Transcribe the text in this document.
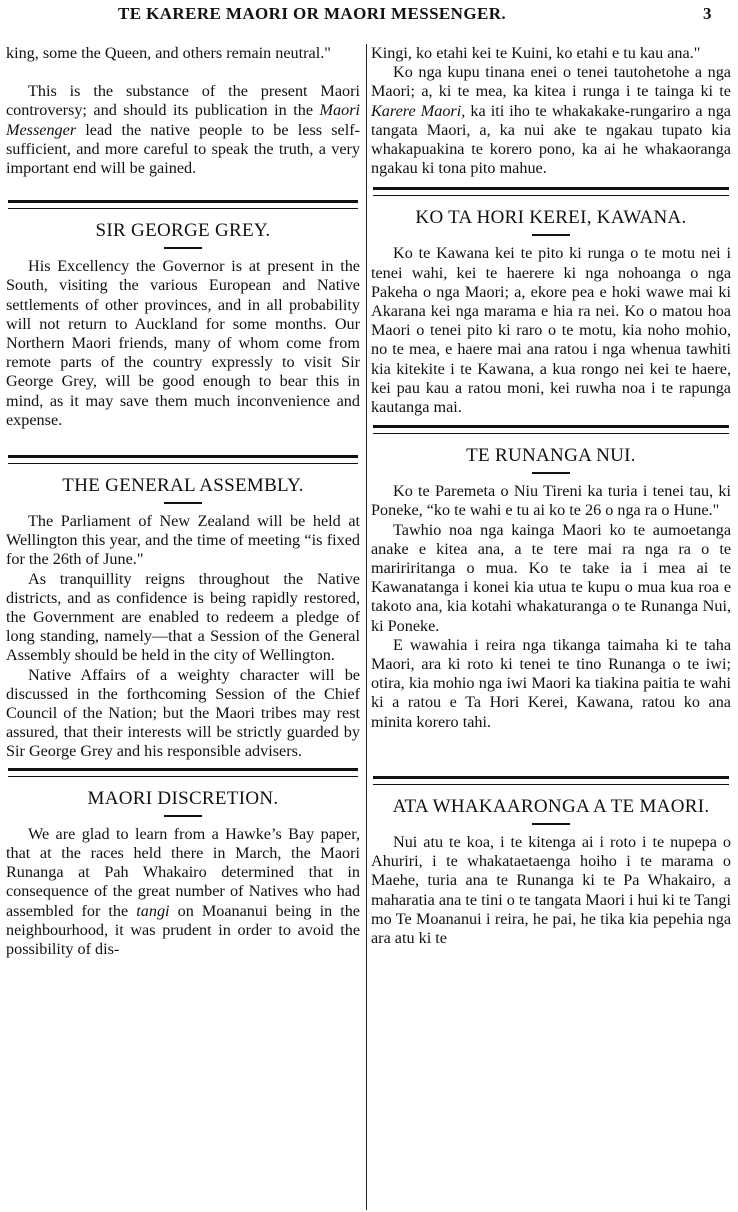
TE KARERE MAORI OR MAORI MESSENGER.	3

king, some the Queen, and others remain neutral."

This is the substance of the present Maori controversy; and should its publication in the Maori Messenger lead the native people to be less self-sufficient, and more careful to speak the truth, a very important end will be gained.

SIR GEORGE GREY.

His Excellency the Governor is at present in the South, visiting the various European and Native settlements of other provinces, and in all probability will not return to Auckland for some months. Our Northern Maori friends, many of whom come from remote parts of the country expressly to visit Sir George Grey, will be good enough to bear this in mind, as it may save them much inconvenience and expense.

THE GENERAL ASSEMBLY.

The Parliament of New Zealand will be held at Wellington this year, and the time of meeting “is fixed for the 26th of June."

As tranquillity reigns throughout the Native districts, and as confidence is being rapidly restored, the Government are enabled to redeem a pledge of long standing, namely—that a Session of the General Assembly should be held in the city of Wellington.

Native Affairs of a weighty character will be discussed in the forthcoming Session of the Chief Council of the Nation; but the Maori tribes may rest assured, that their interests will be strictly guarded by Sir George Grey and his responsible advisers.

MAORI DISCRETION.

We are glad to learn from a Hawke’s Bay paper, that at the races held there in March, the Maori Runanga at Pah Whakairo determined that in consequence of the great number of Natives who had assembled for the tangi on Moananui being in the neighbourhood, it was prudent in order to avoid the possibility of dis-

Kingi, ko etahi kei te Kuini, ko etahi e tu kau ana."

Ko nga kupu tinana enei o tenei tautohetohe a nga Maori; a, ki te mea, ka kitea i runga i te tainga ki te Karere Maori, ka iti iho te whakakake-rungariro a nga tangata Maori, a, ka nui ake te ngakau tupato kia whakapuakina te korero pono, ka ai he whakaoranga ngakau ki tona pito mahue.

KO TA HORI KEREI, KAWANA.

Ko te Kawana kei te pito ki runga o te motu nei i tenei wahi, kei te haerere ki nga nohoanga o nga Pakeha o nga Maori; a, ekore pea e hoki wawe mai ki Akarana kei nga marama e hia ra nei. Ko o matou hoa Maori o tenei pito ki raro o te motu, kia noho mohio, no te mea, e haere mai ana ratou i nga whenua tawhiti kia kitekite i te Kawana, a kua rongo nei kei te haere, kei pau kau a ratou moni, kei ruwha noa i te rapunga kautanga mai.

TE RUNANGA NUI.

Ko te Paremeta o Niu Tireni ka turia i tenei tau, ki Poneke, “ko te wahi e tu ai ko te 26 o nga ra o Hune."

Tawhio noa nga kainga Maori ko te aumoetanga anake e kitea ana, a te tere mai ra nga ra o te maririritanga o mua. Ko te take ia i mea ai te Kawanatanga i konei kia utua te kupu o mua kua roa e takoto ana, kia kotahi whakaturanga o te Runanga Nui, ki Poneke.

E wawahia i reira nga tikanga taimaha ki te taha Maori, ara ki roto ki tenei te tino Runanga o te iwi; otira, kia mohio nga iwi Maori ka tiakina paitia te wahi ki a ratou e Ta Hori Kerei, Kawana, ratou ko ana minita korero tahi.

ATA WHAKAARONGA A TE MAORI.

Nui atu te koa, i te kitenga ai i roto i te nupepa o Ahuriri, i te whakataetaenga hoiho i te marama o Maehe, turia ana te Runanga ki te Pa Whakairo, a maharatia ana te tini o te tangata Maori i hui ki te Tangi mo Te Moananui i reira, he pai, he tika kia pepehia nga ara atu ki te
